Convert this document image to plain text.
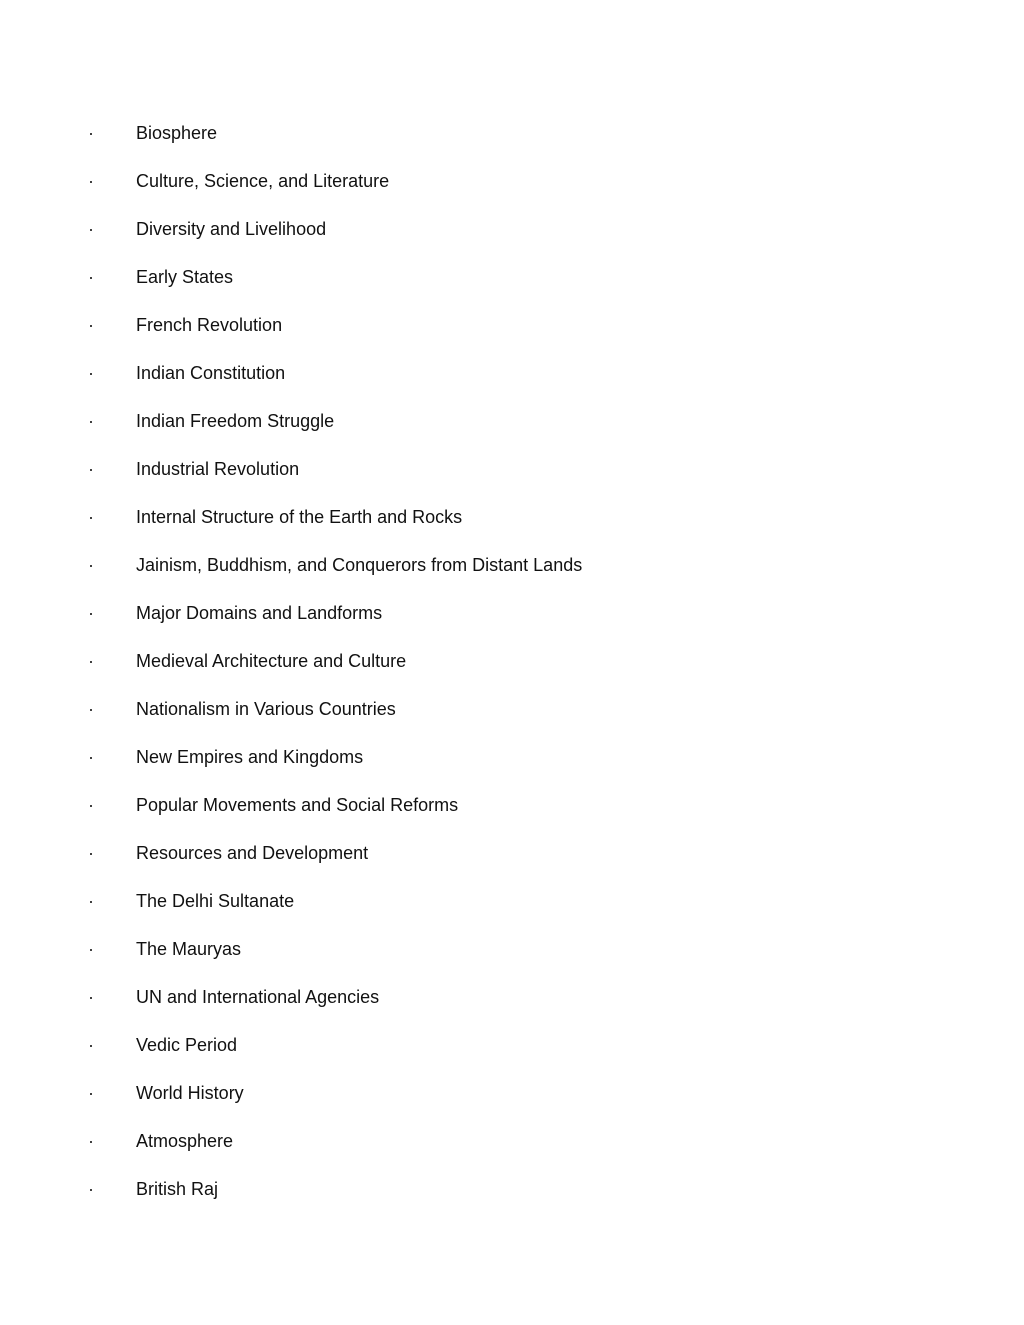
· Biosphere
· Culture, Science, and Literature
· Diversity and Livelihood
· Early States
· French Revolution
· Indian Constitution
· Indian Freedom Struggle
· Industrial Revolution
· Internal Structure of the Earth and Rocks
· Jainism, Buddhism, and Conquerors from Distant Lands
· Major Domains and Landforms
· Medieval Architecture and Culture
· Nationalism in Various Countries
· New Empires and Kingdoms
· Popular Movements and Social Reforms
· Resources and Development
· The Delhi Sultanate
· The Mauryas
· UN and International Agencies
· Vedic Period
· World History
· Atmosphere
· British Raj
